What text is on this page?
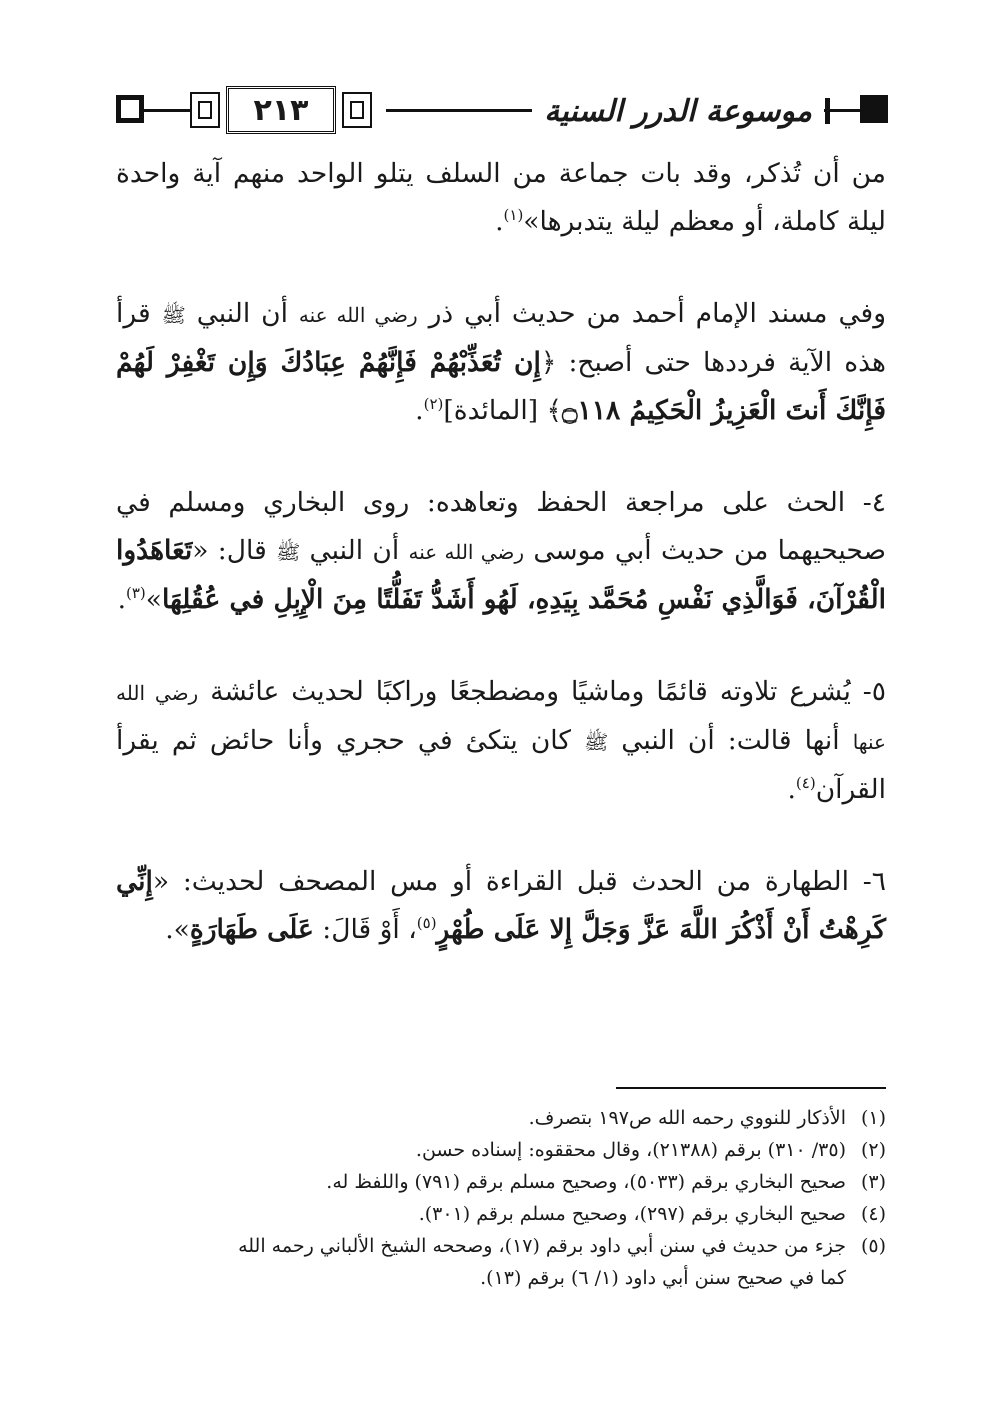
٢١٣	موسوعة الدرر السنية

من أن تُذكر، وقد بات جماعة من السلف يتلو الواحد منهم آية واحدة ليلة كاملة، أو معظم ليلة يتدبرها»$^{(١)}$.

وفي مسند الإمام أحمد من حديث أبي ذر رضي الله عنه أن النبي ﷺ قرأ هذه الآية فرددها حتى أصبح: ﴿إِن تُعَذِّبْهُمْ فَإِنَّهُمْ عِبَادُكَ وَإِن تَغْفِرْ لَهُمْ فَإِنَّكَ أَنتَ الْعَزِيزُ الْحَكِيمُ ۝١١٨﴾ [المائدة]$^{(٢)}$.

٤- الحث على مراجعة الحفظ وتعاهده: روى البخاري ومسلم في صحيحيهما من حديث أبي موسى رضي الله عنه أن النبي ﷺ قال: «تَعَاهَدُوا الْقُرْآنَ، فَوَالَّذِي نَفْسِ مُحَمَّد بِيَدِهِ، لَهُو أَشَدُّ تَفَلُّتًا مِنَ الْإِبِلِ في عُقُلِهَا»$^{(٣)}$.

٥- يُشرع تلاوته قائمًا وماشيًا ومضطجعًا وراكبًا لحديث عائشة رضي الله عنها أنها قالت: أن النبي ﷺ كان يتكئ في حجري وأنا حائض ثم يقرأ القرآن$^{(٤)}$.

٦- الطهارة من الحدث قبل القراءة أو مس المصحف لحديث: «إِنِّي كَرِهْتُ أَنْ أَذْكُرَ اللَّهَ عَزَّ وَجَلَّ إِلا عَلَى طُهْرٍ$^{(٥)}$، أَوْ قَالَ: عَلَى طَهَارَةٍ».

(١)الأذكار للنووي رحمه الله ص١٩٧ بتصرف.

(٢)(٣٥/ ٣١٠) برقم (٢١٣٨٨)، وقال محققوه: إسناده حسن.

(٣)صحيح البخاري برقم (٥٠٣٣)، وصحيح مسلم برقم (٧٩١) واللفظ له.

(٤)صحيح البخاري برقم (٢٩٧)، وصحيح مسلم برقم (٣٠١).

(٥)جزء من حديث في سنن أبي داود برقم (١٧)، وصححه الشيخ الألباني رحمه الله

كما في صحيح سنن أبي داود (١/ ٦) برقم (١٣).
